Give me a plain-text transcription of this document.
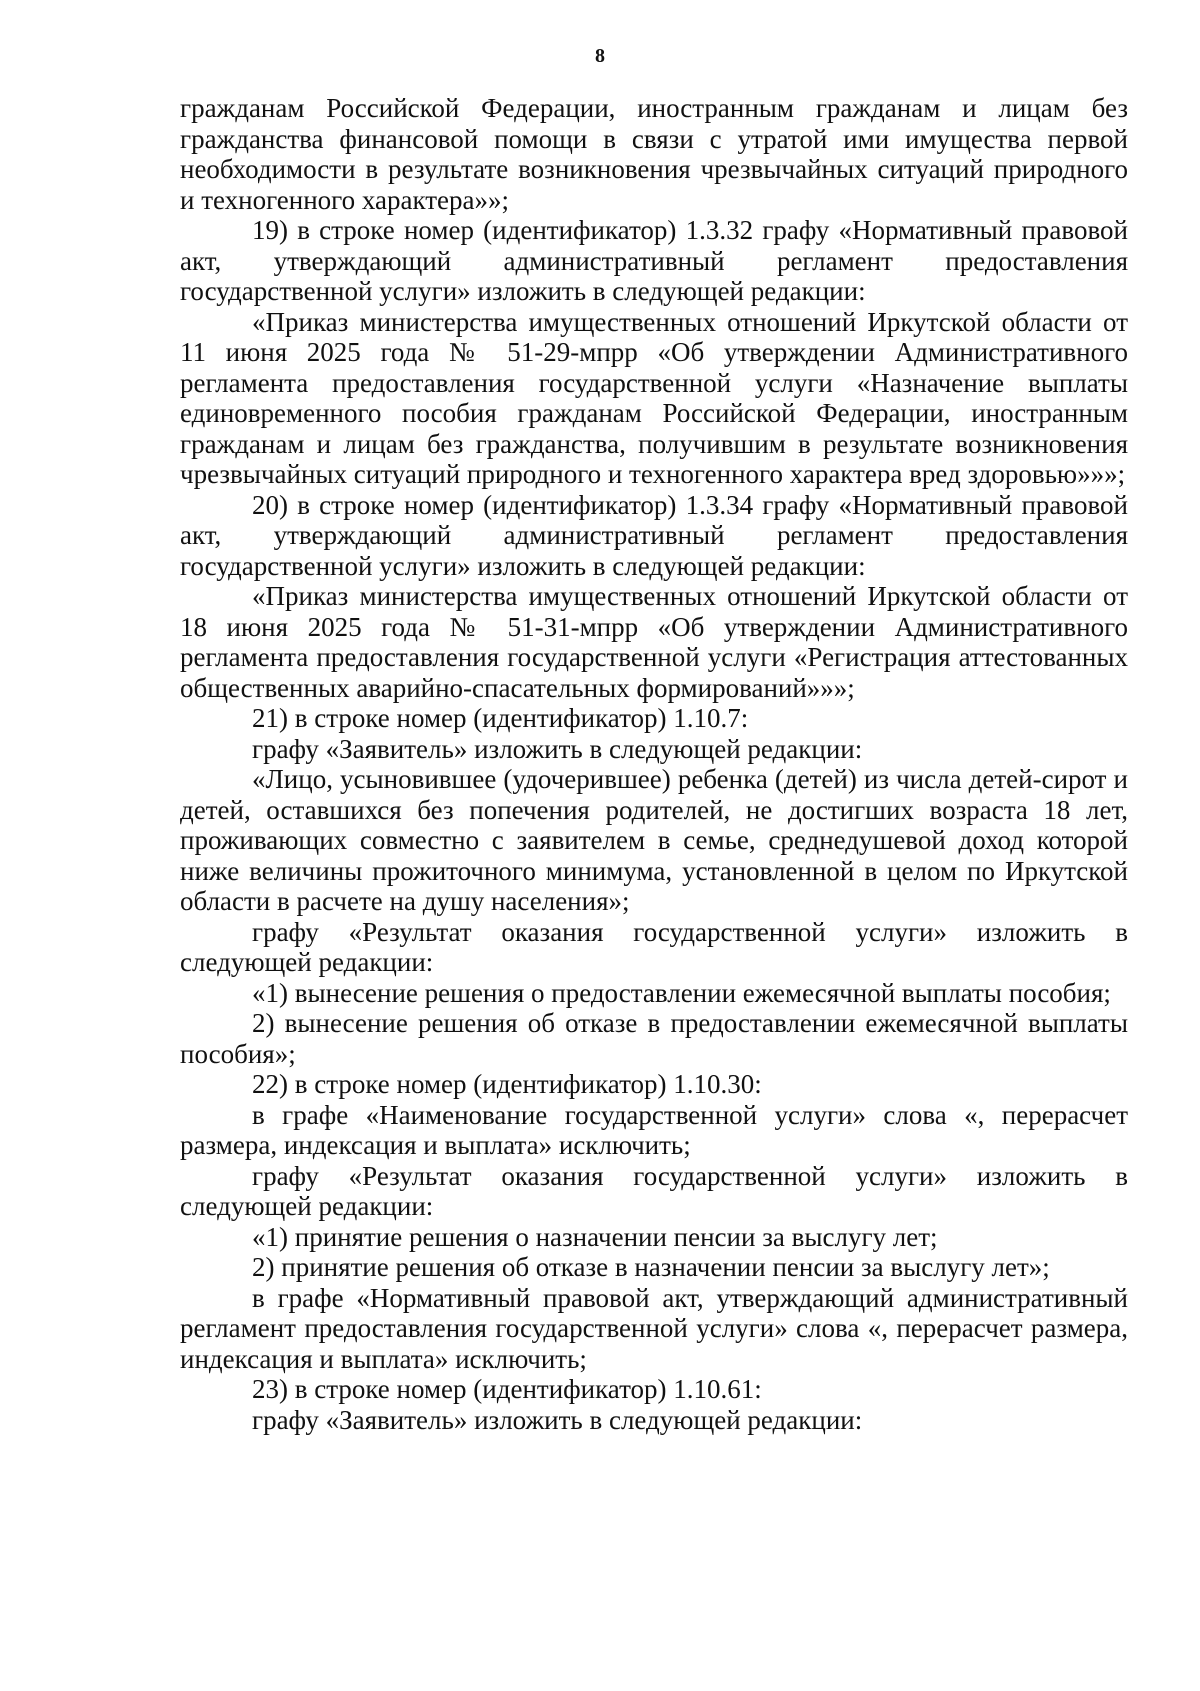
8

гражданам Российской Федерации, иностранным гражданам и лицам без гражданства финансовой помощи в связи с утратой ими имущества первой необходимости в результате возникновения чрезвычайных ситуаций природного и техногенного характера»»;

19) в строке номер (идентификатор) 1.3.32 графу «Нормативный правовой акт, утверждающий административный регламент предоставления государственной услуги» изложить в следующей редакции:

«Приказ министерства имущественных отношений Иркутской области от 11 июня 2025 года № 51-29-мпрр «Об утверждении Административного регламента предоставления государственной услуги «Назначение выплаты единовременного пособия гражданам Российской Федерации, иностранным гражданам и лицам без гражданства, получившим в результате возникновения чрезвычайных ситуаций природного и техногенного характера вред здоровью»»»;

20) в строке номер (идентификатор) 1.3.34 графу «Нормативный правовой акт, утверждающий административный регламент предоставления государственной услуги» изложить в следующей редакции:

«Приказ министерства имущественных отношений Иркутской области от 18 июня 2025 года № 51-31-мпрр «Об утверждении Административного регламента предоставления государственной услуги «Регистрация аттестованных общественных аварийно-спасательных формирований»»»;

21) в строке номер (идентификатор) 1.10.7:

графу «Заявитель» изложить в следующей редакции:

«Лицо, усыновившее (удочерившее) ребенка (детей) из числа детей-сирот и детей, оставшихся без попечения родителей, не достигших возраста 18 лет, проживающих совместно с заявителем в семье, среднедушевой доход которой ниже величины прожиточного минимума, установленной в целом по Иркутской области в расчете на душу населения»;

графу «Результат оказания государственной услуги» изложить в следующей редакции:

«1) вынесение решения о предоставлении ежемесячной выплаты пособия;

2) вынесение решения об отказе в предоставлении ежемесячной выплаты пособия»;

22) в строке номер (идентификатор) 1.10.30:

в графе «Наименование государственной услуги» слова «, перерасчет размера, индексация и выплата» исключить;

графу «Результат оказания государственной услуги» изложить в следующей редакции:

«1) принятие решения о назначении пенсии за выслугу лет;

2) принятие решения об отказе в назначении пенсии за выслугу лет»;

в графе «Нормативный правовой акт, утверждающий административный регламент предоставления государственной услуги» слова «, перерасчет размера, индексация и выплата» исключить;

23) в строке номер (идентификатор) 1.10.61:

графу «Заявитель» изложить в следующей редакции:
